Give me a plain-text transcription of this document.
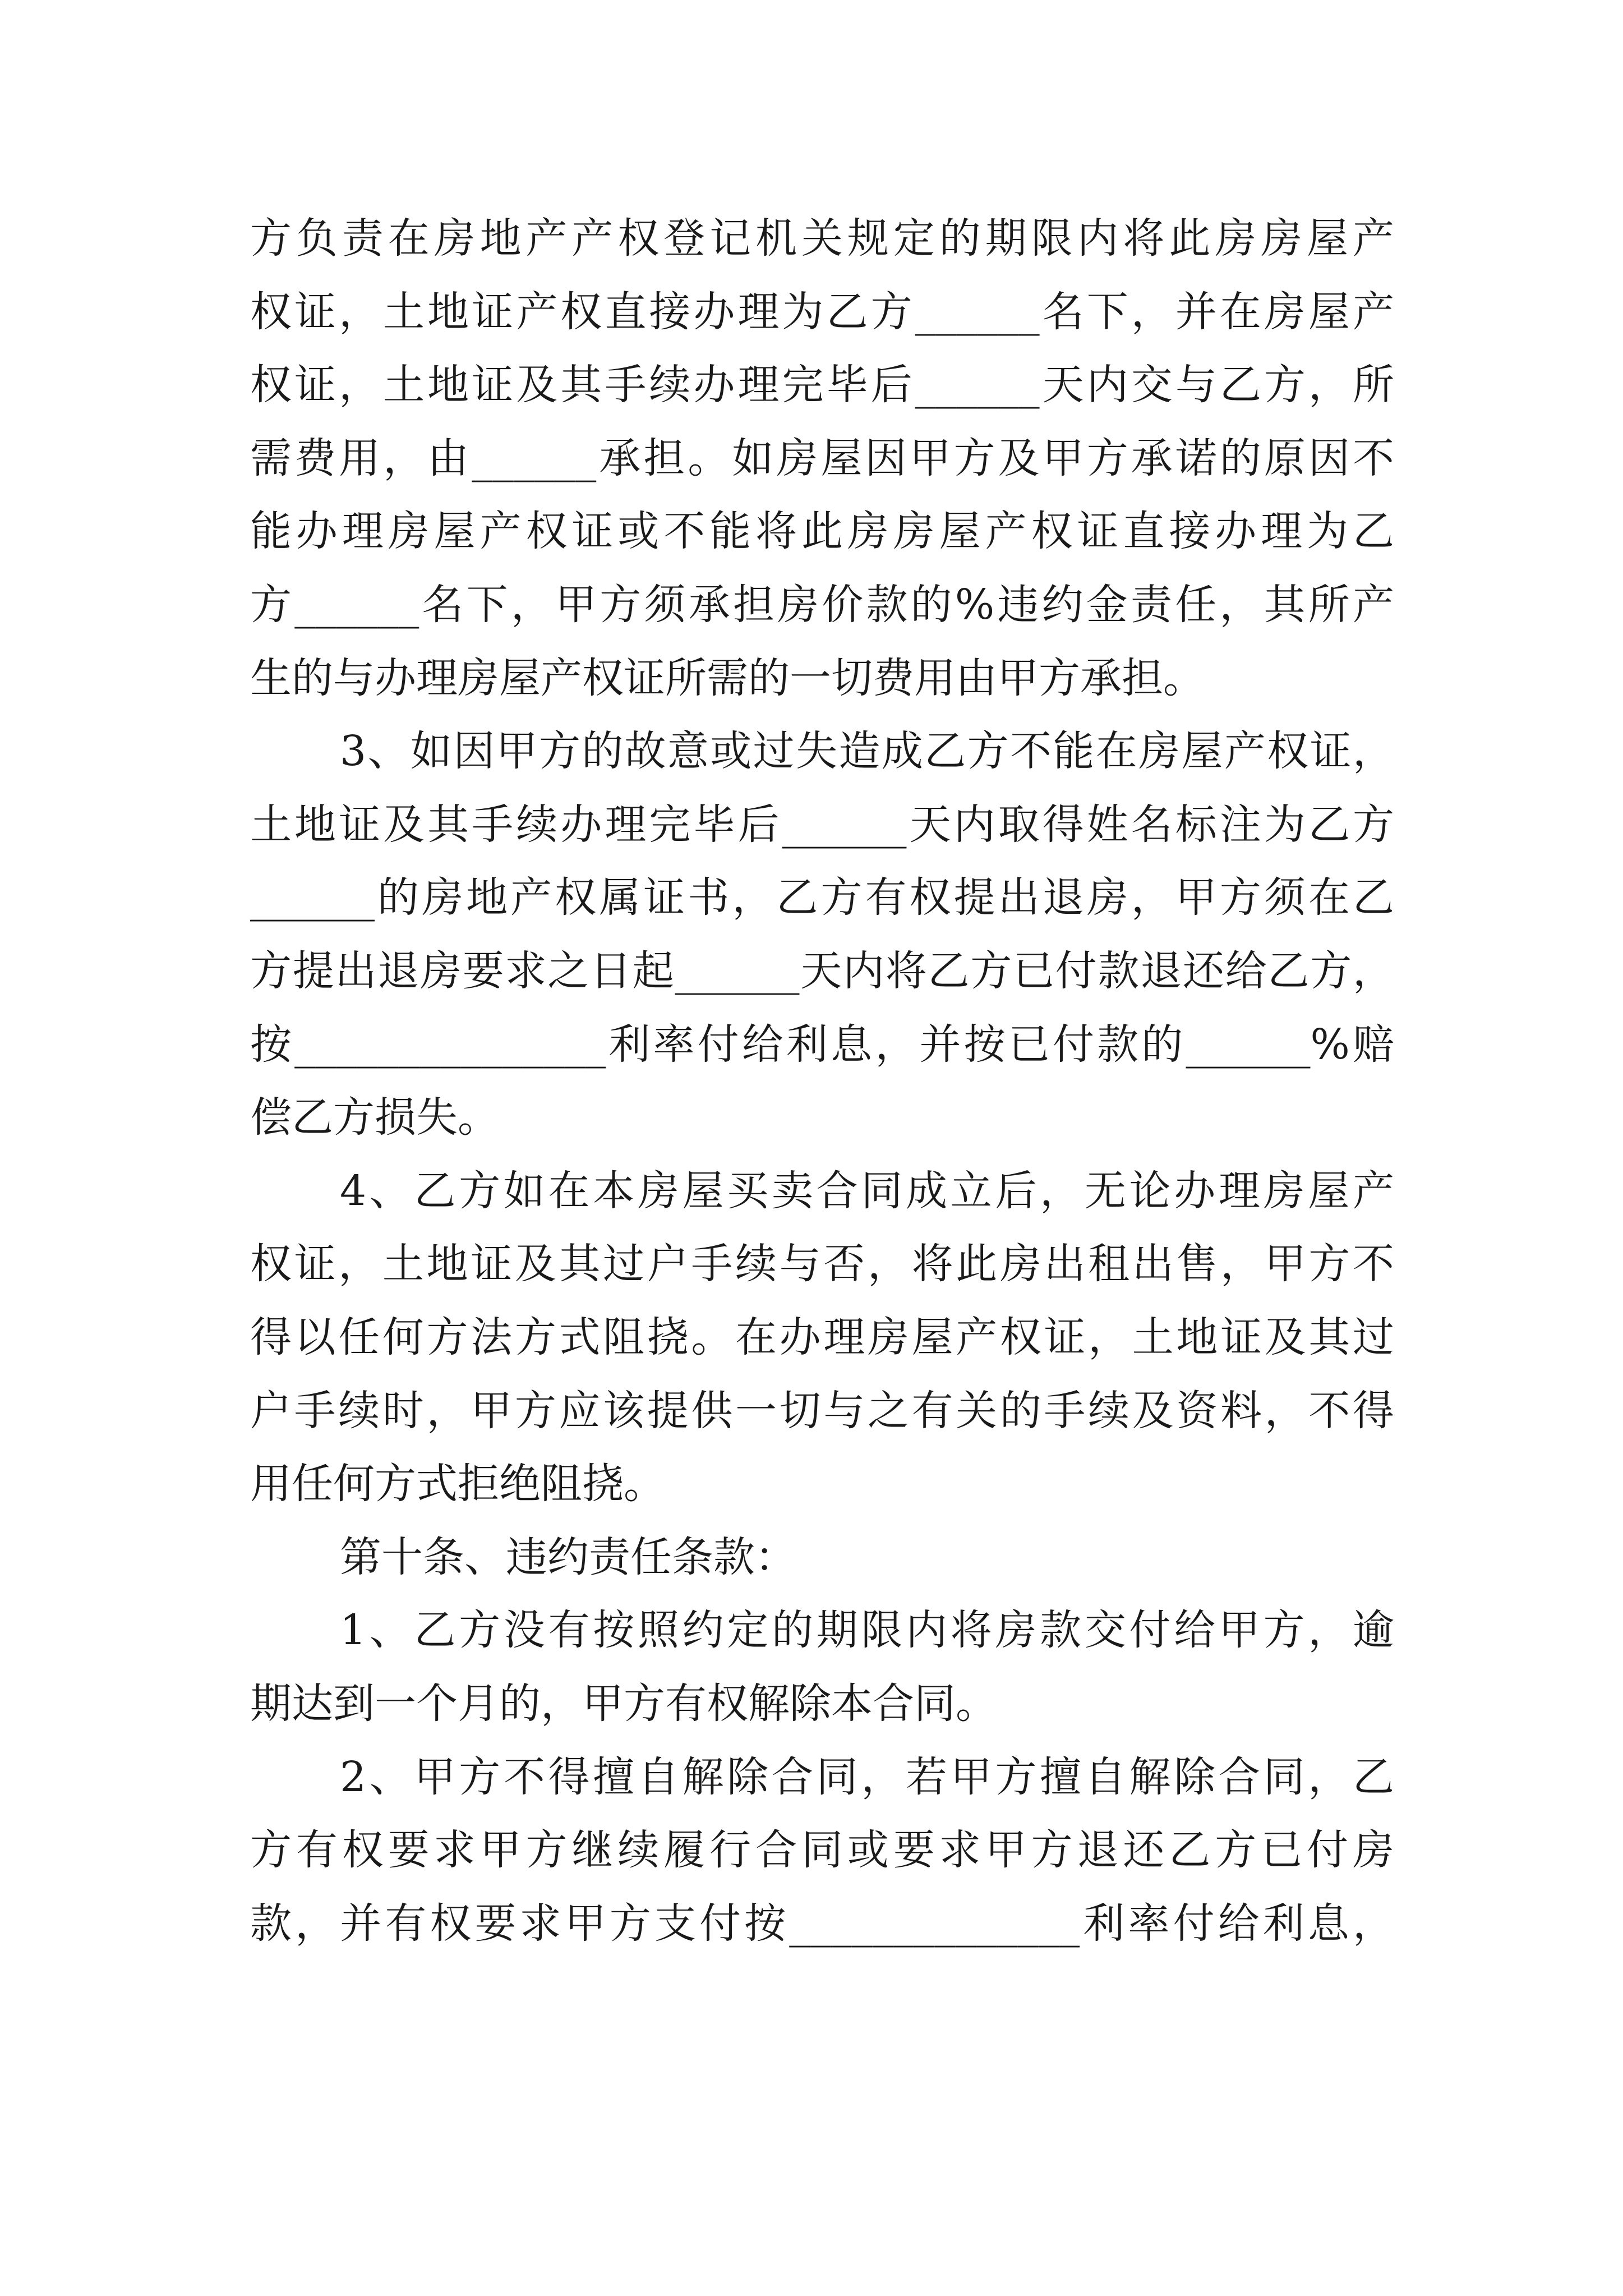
方负责在房地产产权登记机关规定的期限内将此房房屋产
权证，土地证产权直接办理为乙方______名下，并在房屋产
权证，土地证及其手续办理完毕后______天内交与乙方，所
需费用，由______承担。如房屋因甲方及甲方承诺的原因不
能办理房屋产权证或不能将此房房屋产权证直接办理为乙
方______名下，甲方须承担房价款的%违约金责任，其所产
生的与办理房屋产权证所需的一切费用由甲方承担。
3、如因甲方的故意或过失造成乙方不能在房屋产权证，
土地证及其手续办理完毕后______天内取得姓名标注为乙方
______的房地产权属证书，乙方有权提出退房，甲方须在乙
方提出退房要求之日起______天内将乙方已付款退还给乙方，
按_______________利率付给利息，并按已付款的______%赔
偿乙方损失。
4、乙方如在本房屋买卖合同成立后，无论办理房屋产
权证，土地证及其过户手续与否，将此房出租出售，甲方不
得以任何方法方式阻挠。在办理房屋产权证，土地证及其过
户手续时，甲方应该提供一切与之有关的手续及资料，不得
用任何方式拒绝阻挠。
第十条、违约责任条款：
1、乙方没有按照约定的期限内将房款交付给甲方，逾
期达到一个月的，甲方有权解除本合同。
2、甲方不得擅自解除合同，若甲方擅自解除合同，乙
方有权要求甲方继续履行合同或要求甲方退还乙方已付房
款，并有权要求甲方支付按______________利率付给利息，
